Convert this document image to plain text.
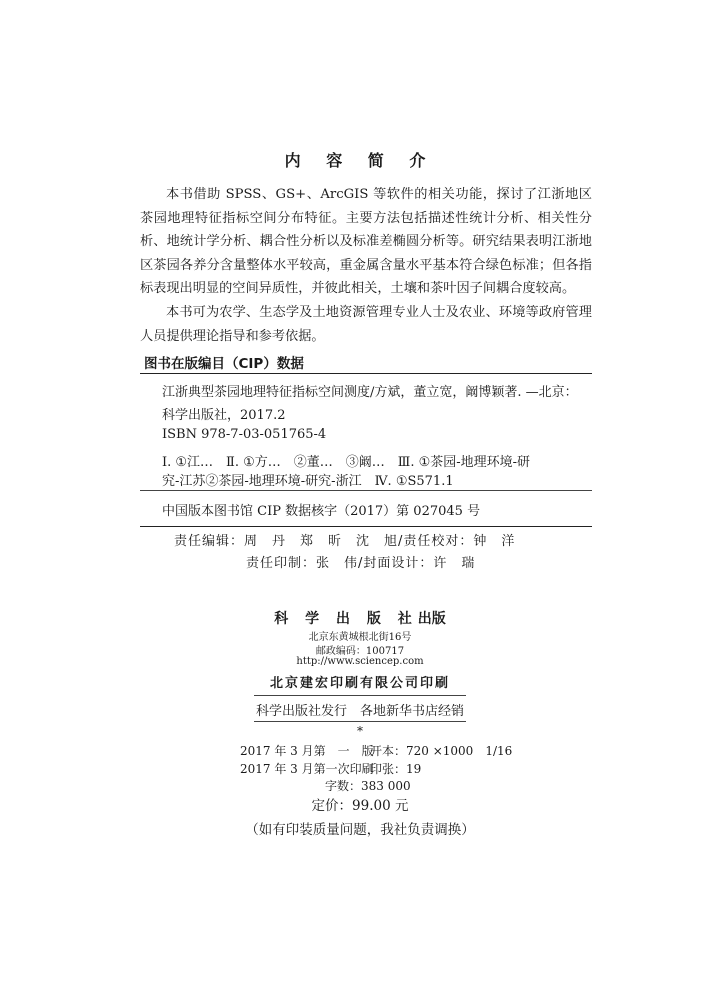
内 容 简 介

本书借助 SPSS、GS+、ArcGIS 等软件的相关功能，探讨了江浙地区茶园地理特征指标空间分布特征。主要方法包括描述性统计分析、相关性分析、地统计学分析、耦合性分析以及标准差椭圆分析等。研究结果表明江浙地区茶园各养分含量整体水平较高，重金属含量水平基本符合绿色标准；但各指标表现出明显的空间异质性，并彼此相关，土壤和茶叶因子间耦合度较高。

本书可为农学、生态学及土地资源管理专业人士及农业、环境等政府管理人员提供理论指导和参考依据。

图书在版编目（CIP）数据
江浙典型茶园地理特征指标空间测度/方斌，董立宽，阚博颖著. —北京：
科学出版社，2017.2
ISBN 978-7-03-051765-4
Ⅰ. ①江…　Ⅱ. ①方…　②董…　③阚…　Ⅲ. ①茶园-地理环境-研
究-江苏②茶园-地理环境-研究-浙江　Ⅳ. ①S571.1
中国版本图书馆 CIP 数据核字（2017）第 027045 号
责任编辑：周　丹　郑　昕　沈　旭/责任校对：钟　洋
责任印制：张　伟/封面设计：许　瑞
科 学 出 版 社出版
北京东黄城根北街16号
邮政编码：100717
http://www.sciencep.com
北京建宏印刷有限公司印刷
科学出版社发行　各地新华书店经销
*
2017 年 3 月第　一　版
开本：720 ×1000　1/16
2017 年 3 月第一次印刷
印张：19
字数：383 000
定价：99.00 元
（如有印装质量问题，我社负责调换）
